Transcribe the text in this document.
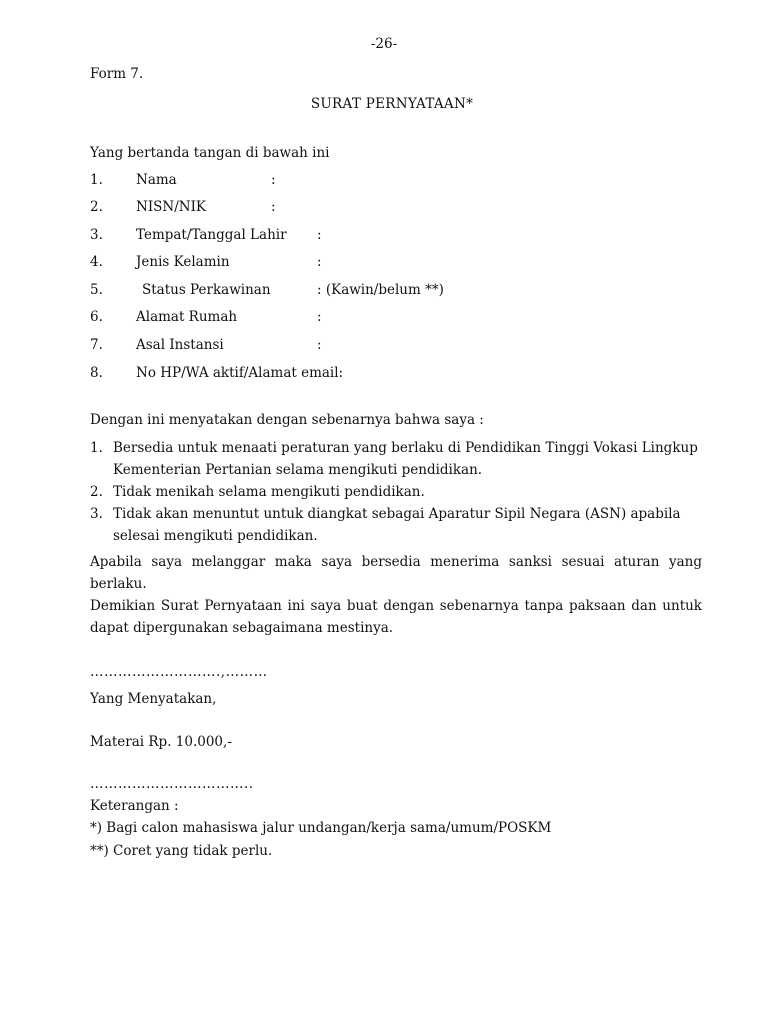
-26-
Form 7.
SURAT PERNYATAAN*
Yang bertanda tangan di bawah ini
1. Nama	:
2. NISN/NIK	:
3. Tempat/Tanggal Lahir :
4. Jenis Kelamin	:
5.	Status Perkawinan	: (Kawin/belum **)
6. Alamat Rumah	:
7. Asal Instansi	:
8. No HP/WA aktif/Alamat email:
Dengan ini menyatakan dengan sebenarnya bahwa saya :
1. Bersedia untuk menaati peraturan yang berlaku di Pendidikan Tinggi Vokasi Lingkup Kementerian Pertanian selama mengikuti pendidikan.
2. Tidak menikah selama mengikuti pendidikan.
3. Tidak akan menuntut untuk diangkat sebagai Aparatur Sipil Negara (ASN) apabila selesai mengikuti pendidikan.
Apabila saya melanggar maka saya bersedia menerima sanksi sesuai aturan yang berlaku.
Demikian Surat Pernyataan ini saya buat dengan sebenarnya tanpa paksaan dan untuk dapat dipergunakan sebagaimana mestinya.
……………………….,………
Yang Menyatakan,
Materai Rp. 10.000,-
……………………………..
Keterangan :
*) Bagi calon mahasiswa jalur undangan/kerja sama/umum/POSKM
**) Coret yang tidak perlu.
